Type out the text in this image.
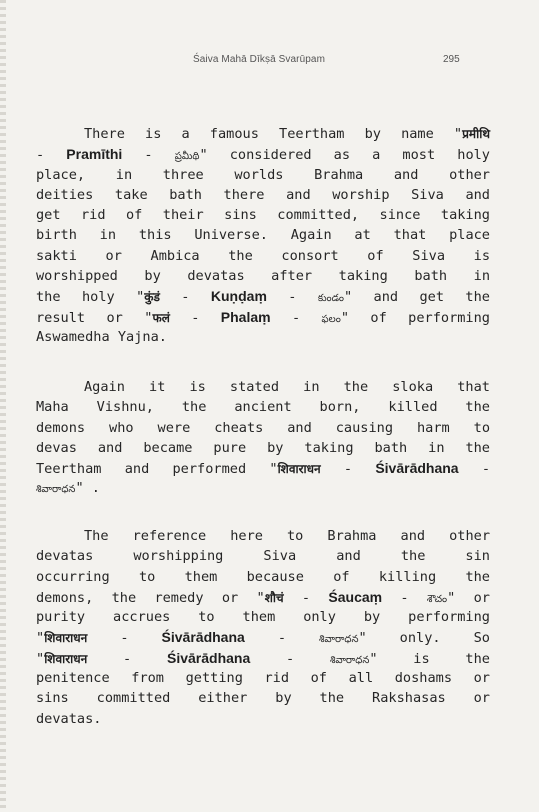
Śaiva Mahā Dīkṣā Svarūpam	295
There is a famous Teertham by name "प्रमीथि
- Pramīthi - ప్రమీథి" considered as a most holy
place, in three worlds Brahma and other
deities take bath there and worship Siva and
get rid of their sins committed, since taking
birth in this Universe. Again at that place
sakti or Ambica the consort of Siva is
worshipped by devatas after taking bath in
the holy "कुंडं - Kuṇḍaṃ - కుండం" and get the
result or "फलं - Phalaṃ - ఫలం" of performing
Aswamedha Yajna.
Again it is stated in the sloka that
Maha Vishnu, the ancient born, killed the
demons who were cheats and causing harm to
devas and became pure by taking bath in the
Teertham and performed "शिवाराधन - Śivārādhana -
శివారాధన" .
The reference here to Brahma and other
devatas worshipping Siva and the sin
occurring to them because of killing the
demons, the remedy or "शौचं - Śaucaṃ - శౌచం" or
purity accrues to them only by performing
"शिवाराधन - Śivārādhana - శివారాధన" only. So
"शिवाराधन - Śivārādhana - శివారాధన" is the
penitence from getting rid of all doshams or
sins committed either by the Rakshasas or
devatas.
